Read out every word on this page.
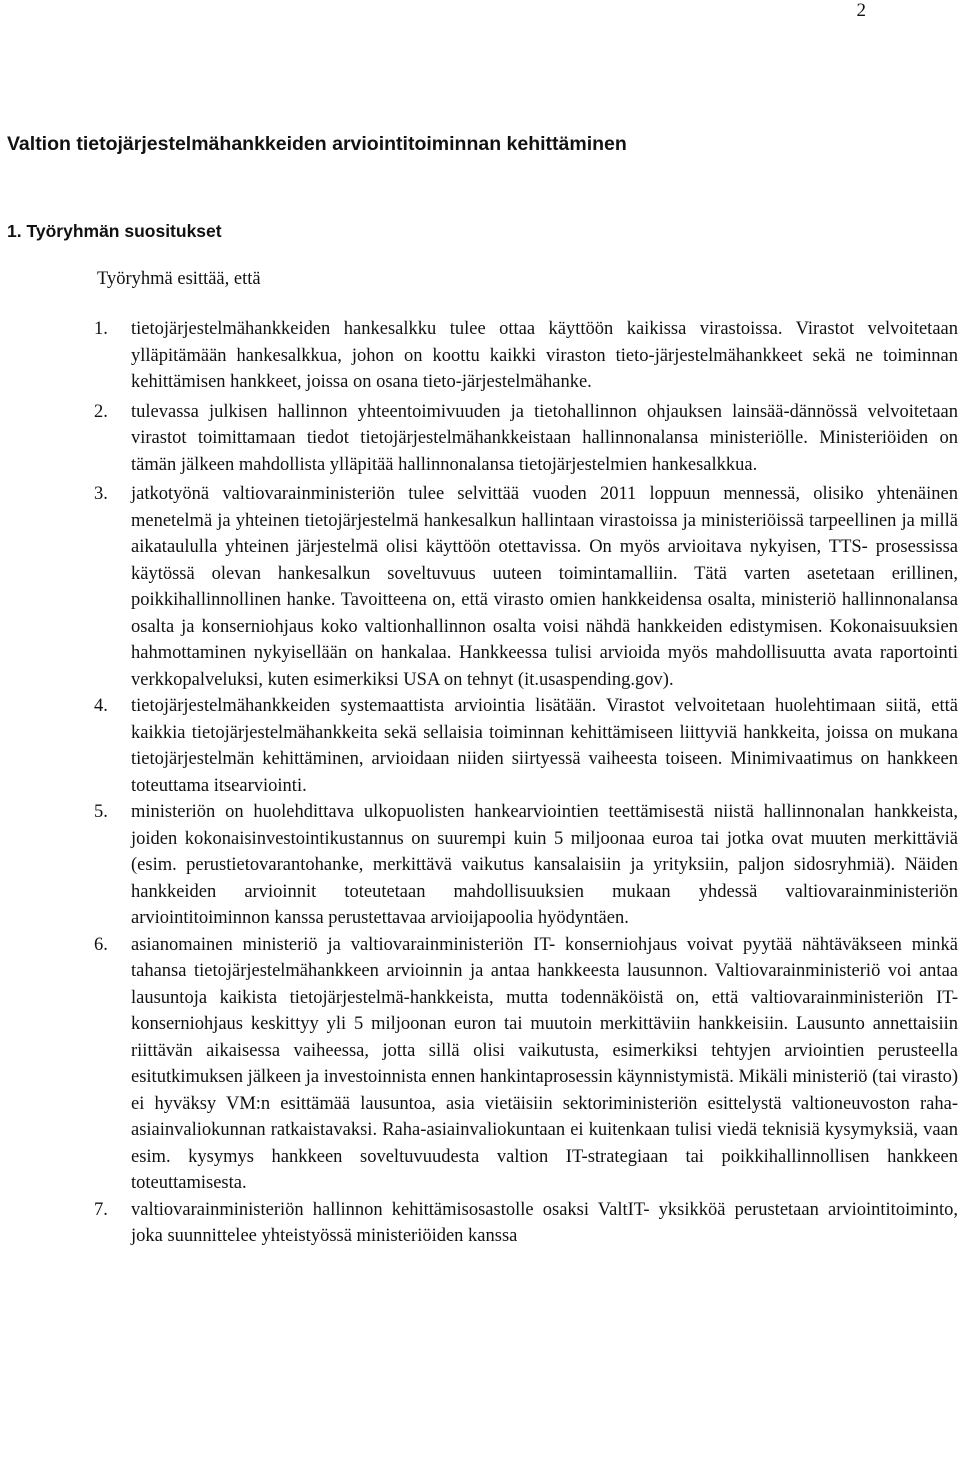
2
Valtion tietojärjestelmähankkeiden arviointitoiminnan kehittäminen
1. Työryhmän suositukset

Työryhmä esittää, että

1. tietojärjestelmähankkeiden hankesalkku tulee ottaa käyttöön kaikissa virastoissa. Virastot velvoitetaan ylläpitämään hankesalkkua, johon on koottu kaikki viraston tieto-järjestelmähankkeet sekä ne toiminnan kehittämisen hankkeet, joissa on osana tieto-järjestelmähanke.
2. tulevassa julkisen hallinnon yhteentoimivuuden ja tietohallinnon ohjauksen lainsää-dännössä velvoitetaan virastot toimittamaan tiedot tietojärjestelmähankkeistaan hallinnonalansa ministeriölle. Ministeriöiden on tämän jälkeen mahdollista ylläpitää hallinnonalansa tietojärjestelmien hankesalkkua.
3. jatkotyönä valtiovarainministeriön tulee selvittää vuoden 2011 loppuun mennessä, olisiko yhtenäinen menetelmä ja yhteinen tietojärjestelmä hankesalkun hallintaan virastoissa ja ministeriöissä tarpeellinen ja millä aikataululla yhteinen järjestelmä olisi käyttöön otettavissa. On myös arvioitava nykyisen, TTS- prosessissa käytössä olevan hankesalkun soveltuvuus uuteen toimintamalliin. Tätä varten asetetaan erillinen, poikkihallinnollinen hanke. Tavoitteena on, että virasto omien hankkeidensa osalta, ministeriö hallinnonalansa osalta ja konserniohjaus koko valtionhallinnon osalta voisi nähdä hankkeiden edistymisen. Kokonaisuuksien hahmottaminen nykyisellään on hankalaa. Hankkeessa tulisi arvioida myös mahdollisuutta avata raportointi verkkopalveluksi, kuten esimerkiksi USA on tehnyt (it.usaspending.gov).
4. tietojärjestelmähankkeiden systemaattista arviointia lisätään. Virastot velvoitetaan huolehtimaan siitä, että kaikkia tietojärjestelmähankkeita sekä sellaisia toiminnan kehittämiseen liittyviä hankkeita, joissa on mukana tietojärjestelmän kehittäminen, arvioidaan niiden siirtyessä vaiheesta toiseen. Minimivaatimus on hankkeen toteuttama itsearviointi.
5. ministeriön on huolehdittava ulkopuolisten hankearviointien teettämisestä niistä hallinnonalan hankkeista, joiden kokonaisinvestointikustannus on suurempi kuin 5 miljoonaa euroa tai jotka ovat muuten merkittäviä (esim. perustietovarantohanke, merkittävä vaikutus kansalaisiin ja yrityksiin, paljon sidosryhmiä). Näiden hankkeiden arvioinnit toteutetaan mahdollisuuksien mukaan yhdessä valtiovarainministeriön arviointitoiminnon kanssa perustettavaa arvioijapoolia hyödyntäen.
6. asianomainen ministeriö ja valtiovarainministeriön IT- konserniohjaus voivat pyytää nähtäväkseen minkä tahansa tietojärjestelmähankkeen arvioinnin ja antaa hankkeesta lausunnon. Valtiovarainministeriö voi antaa lausuntoja kaikista tietojärjestelmä-hankkeista, mutta todennäköistä on, että valtiovarainministeriön IT-konserniohjaus keskittyy yli 5 miljoonan euron tai muutoin merkittäviin hankkeisiin. Lausunto annettaisiin riittävän aikaisessa vaiheessa, jotta sillä olisi vaikutusta, esimerkiksi tehtyjen arviointien perusteella esitutkimuksen jälkeen ja investoinnista ennen hankintaprosessin käynnistymistä. Mikäli ministeriö (tai virasto) ei hyväksy VM:n esittämää lausuntoa, asia vietäisiin sektoriministeriön esittelystä valtioneuvoston raha-asiainvaliokunnan ratkaistavaksi. Raha-asiainvaliokuntaan ei kuitenkaan tulisi viedä teknisiä kysymyksiä, vaan esim. kysymys hankkeen soveltuvuudesta valtion IT-strategiaan tai poikkihallinnollisen hankkeen toteuttamisesta.
7. valtiovarainministeriön hallinnon kehittämisosastolle osaksi ValtIT- yksikköä perustetaan arviointitoiminto, joka suunnittelee yhteistyössä ministeriöiden kanssa
